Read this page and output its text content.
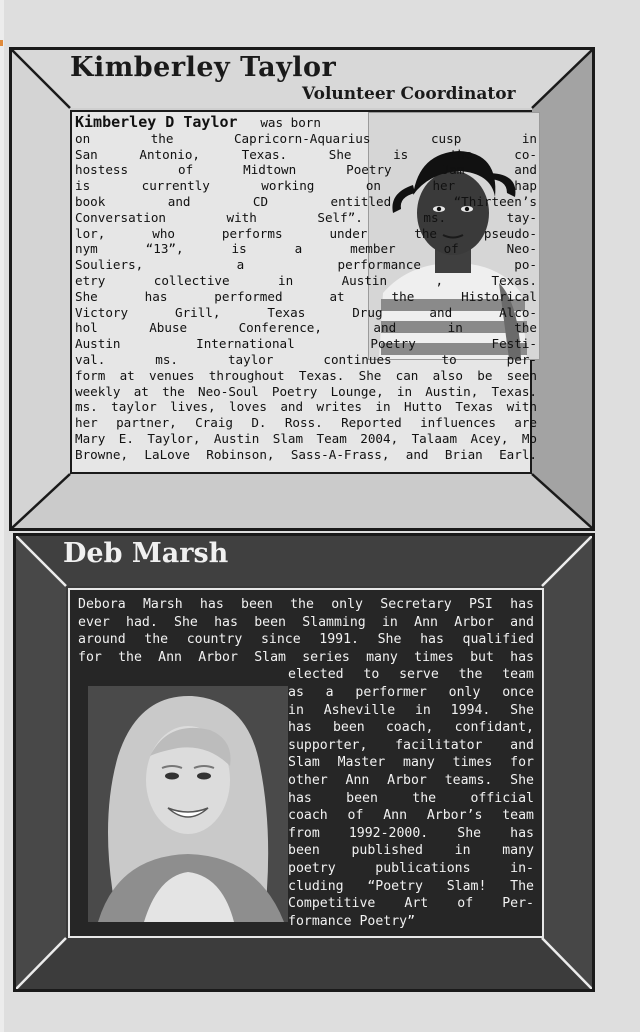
Kimberley Taylor
Volunteer Coordinator
Kimberley D Taylor was born
on the Capricorn-Aquarius cusp in
San Antonio, Texas. She is the co-
hostess of Midtown Poetry Jam and
is currently working on her chap
book and CD entitled “Thirteen’s
Conversation with Self”. ms. tay-
lor, who performs under the pseudo-
nym “13”, is a member of Neo-
Souliers, a performance po-
etry collective in Austin , Texas.
She has performed at the Historical
Victory Grill, Texas Drug and Alco-
hol Abuse Conference, and in the
Austin International Poetry Festi-
val. ms. taylor continues to per-
form at venues throughout Texas. She can also be seen
weekly at the Neo-Soul Poetry Lounge, in Austin, Texas.
ms. taylor lives, loves and writes in Hutto Texas with
her partner, Craig D. Ross. Reported influences are
Mary E. Taylor, Austin Slam Team 2004, Talaam Acey, Mo
Browne, LaLove Robinson, Sass-A-Frass, and Brian Earl.
Deb Marsh
Debora Marsh has been the only Secretary PSI has
ever had. She has been Slamming in Ann Arbor and
around the country since 1991. She has qualified
for the Ann Arbor Slam series many times but has
elected to serve the team
as a performer only once
in Asheville in 1994. She
has been coach, confidant,
supporter, facilitator and
Slam Master many times for
other Ann Arbor teams. She
has been the official
coach of Ann Arbor’s team
from 1992-2000. She has
been published in many
poetry publications in-
cluding “Poetry Slam! The
Competitive Art of Per-
formance Poetry”
